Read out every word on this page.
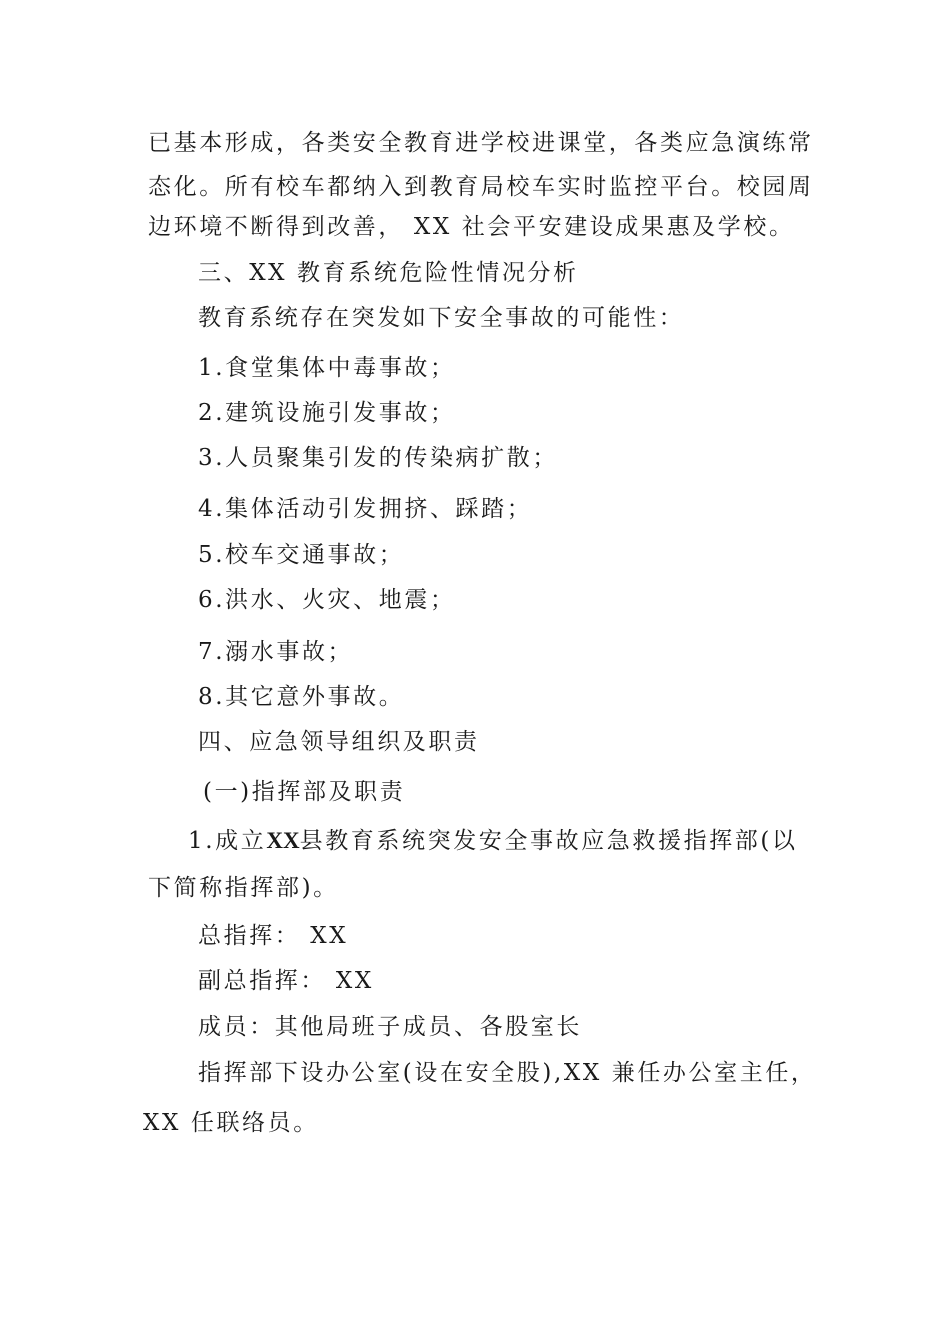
已基本形成，各类安全教育进学校进课堂，各类应急演练常

态化。所有校车都纳入到教育局校车实时监控平台。校园周

边环境不断得到改善， XX 社会平安建设成果惠及学校。

三、XX 教育系统危险性情况分析

教育系统存在突发如下安全事故的可能性：

1.食堂集体中毒事故；

2.建筑设施引发事故；

3.人员聚集引发的传染病扩散；

4.集体活动引发拥挤、踩踏；

5.校车交通事故；

6.洪水、火灾、地震；

7.溺水事故；

8.其它意外事故。

四、应急领导组织及职责

(一)指挥部及职责

1.成立XX县教育系统突发安全事故应急救援指挥部(以

下简称指挥部)。

总指挥： XX

副总指挥： XX

成员：其他局班子成员、各股室长

指挥部下设办公室(设在安全股),XX 兼任办公室主任，

XX 任联络员。
